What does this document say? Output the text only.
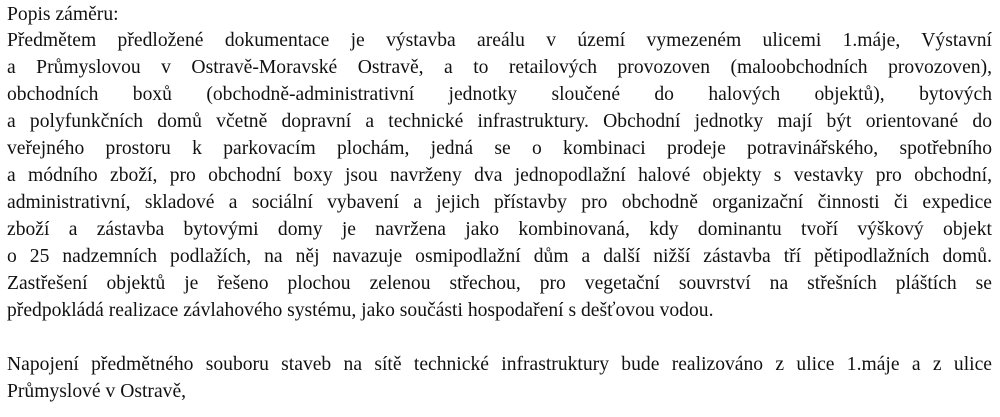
Popis záměru:
Předmětem předložené dokumentace je výstavba areálu v území vymezeném ulicemi 1.máje, Výstavní
a Průmyslovou v Ostravě-Moravské Ostravě, a to retailových provozoven (maloobchodních provozoven),
obchodních boxů (obchodně-administrativní jednotky sloučené do halových objektů), bytových
a polyfunkčních domů včetně dopravní a technické infrastruktury. Obchodní jednotky mají být orientované do
veřejného prostoru k parkovacím plochám, jedná se o kombinaci prodeje potravinářského, spotřebního
a módního zboží, pro obchodní boxy jsou navrženy dva jednopodlažní halové objekty s vestavky pro obchodní,
administrativní, skladové a sociální vybavení a jejich přístavby pro obchodně organizační činnosti či expedice
zboží a zástavba bytovými domy je navržena jako kombinovaná, kdy dominantu tvoří výškový objekt
o 25 nadzemních podlažích, na něj navazuje osmipodlažní dům a další nižší zástavba tří pětipodlažních domů.
Zastřešení objektů je řešeno plochou zelenou střechou, pro vegetační souvrství na střešních pláštích se
předpokládá realizace závlahového systému, jako součásti hospodaření s dešťovou vodou.
Napojení předmětného souboru staveb na sítě technické infrastruktury bude realizováno z ulice 1.máje a z ulice
Průmyslové v Ostravě,
